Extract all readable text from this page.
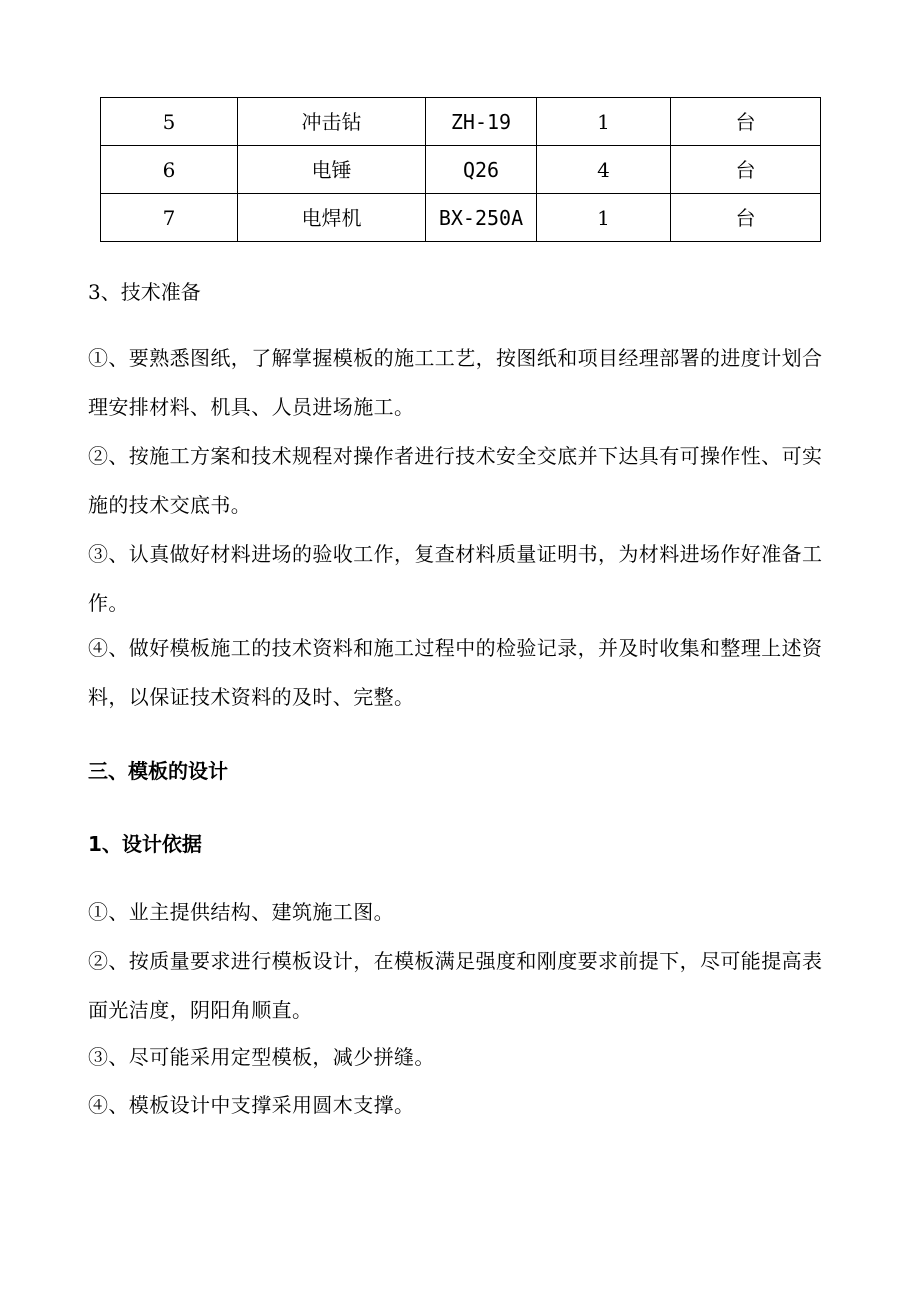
5	冲击钻	ZH-19	1	台
6	电锤	Q26	4	台
7	电焊机	BX-250A	1	台

3、技术准备

①、要熟悉图纸，了解掌握模板的施工工艺，按图纸和项目经理部署的进度计划合理安排材料、机具、人员进场施工。

②、按施工方案和技术规程对操作者进行技术安全交底并下达具有可操作性、可实施的技术交底书。

③、认真做好材料进场的验收工作，复查材料质量证明书，为材料进场作好准备工作。

④、做好模板施工的技术资料和施工过程中的检验记录，并及时收集和整理上述资料，以保证技术资料的及时、完整。

三、模板的设计

1、设计依据

①、业主提供结构、建筑施工图。

②、按质量要求进行模板设计，在模板满足强度和刚度要求前提下，尽可能提高表面光洁度，阴阳角顺直。

③、尽可能采用定型模板，减少拼缝。

④、模板设计中支撑采用圆木支撑。
